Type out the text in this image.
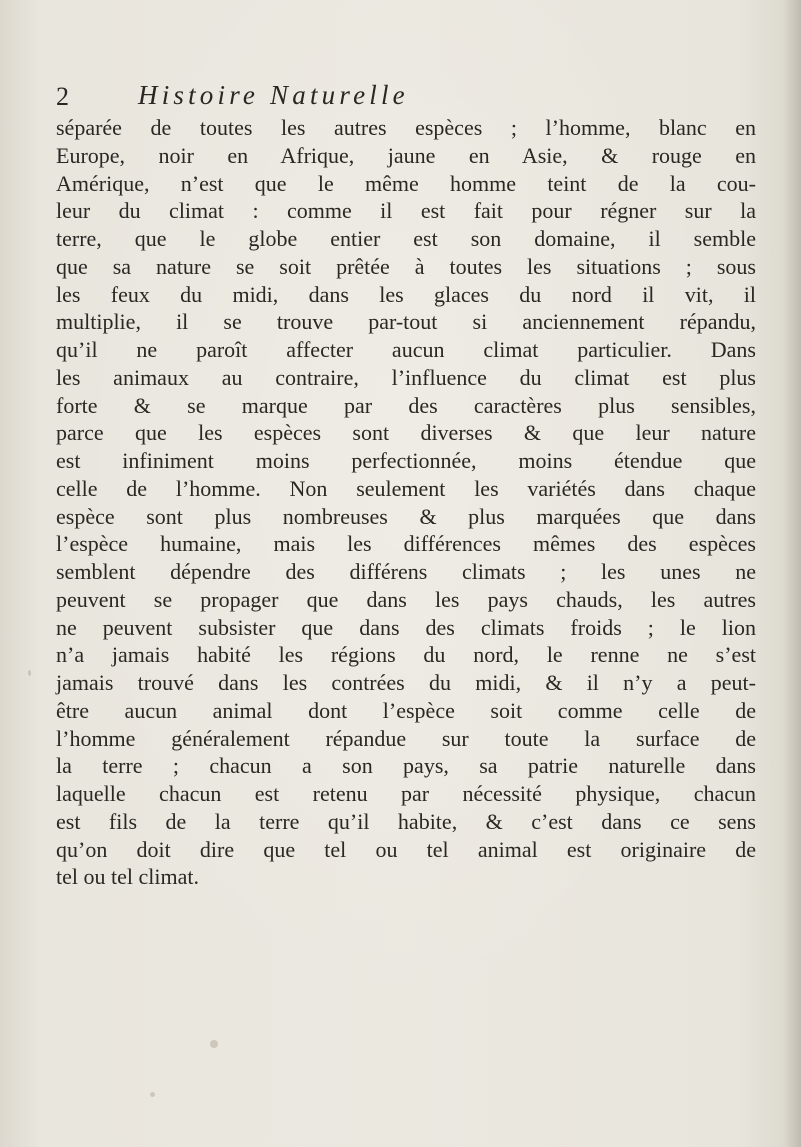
2	Histoire Naturelle
séparée de toutes les autres espèces ; l’homme, blanc en
Europe, noir en Afrique, jaune en Asie, & rouge en
Amérique, n’est que le même homme teint de la cou-
leur du climat : comme il est fait pour régner sur la
terre, que le globe entier est son domaine, il semble
que sa nature se soit prêtée à toutes les situations ; sous
les feux du midi, dans les glaces du nord il vit, il
multiplie, il se trouve par-tout si anciennement répandu,
qu’il ne paroît affecter aucun climat particulier. Dans
les animaux au contraire, l’influence du climat est plus
forte & se marque par des caractères plus sensibles,
parce que les espèces sont diverses & que leur nature
est infiniment moins perfectionnée, moins étendue que
celle de l’homme. Non seulement les variétés dans chaque
espèce sont plus nombreuses & plus marquées que dans
l’espèce humaine, mais les différences mêmes des espèces
semblent dépendre des différens climats ; les unes ne
peuvent se propager que dans les pays chauds, les autres
ne peuvent subsister que dans des climats froids ; le lion
n’a jamais habité les régions du nord, le renne ne s’est
jamais trouvé dans les contrées du midi, & il n’y a peut-
être aucun animal dont l’espèce soit comme celle de
l’homme généralement répandue sur toute la surface de
la terre ; chacun a son pays, sa patrie naturelle dans
laquelle chacun est retenu par nécessité physique, chacun
est fils de la terre qu’il habite, & c’est dans ce sens
qu’on doit dire que tel ou tel animal est originaire de
tel ou tel climat.
